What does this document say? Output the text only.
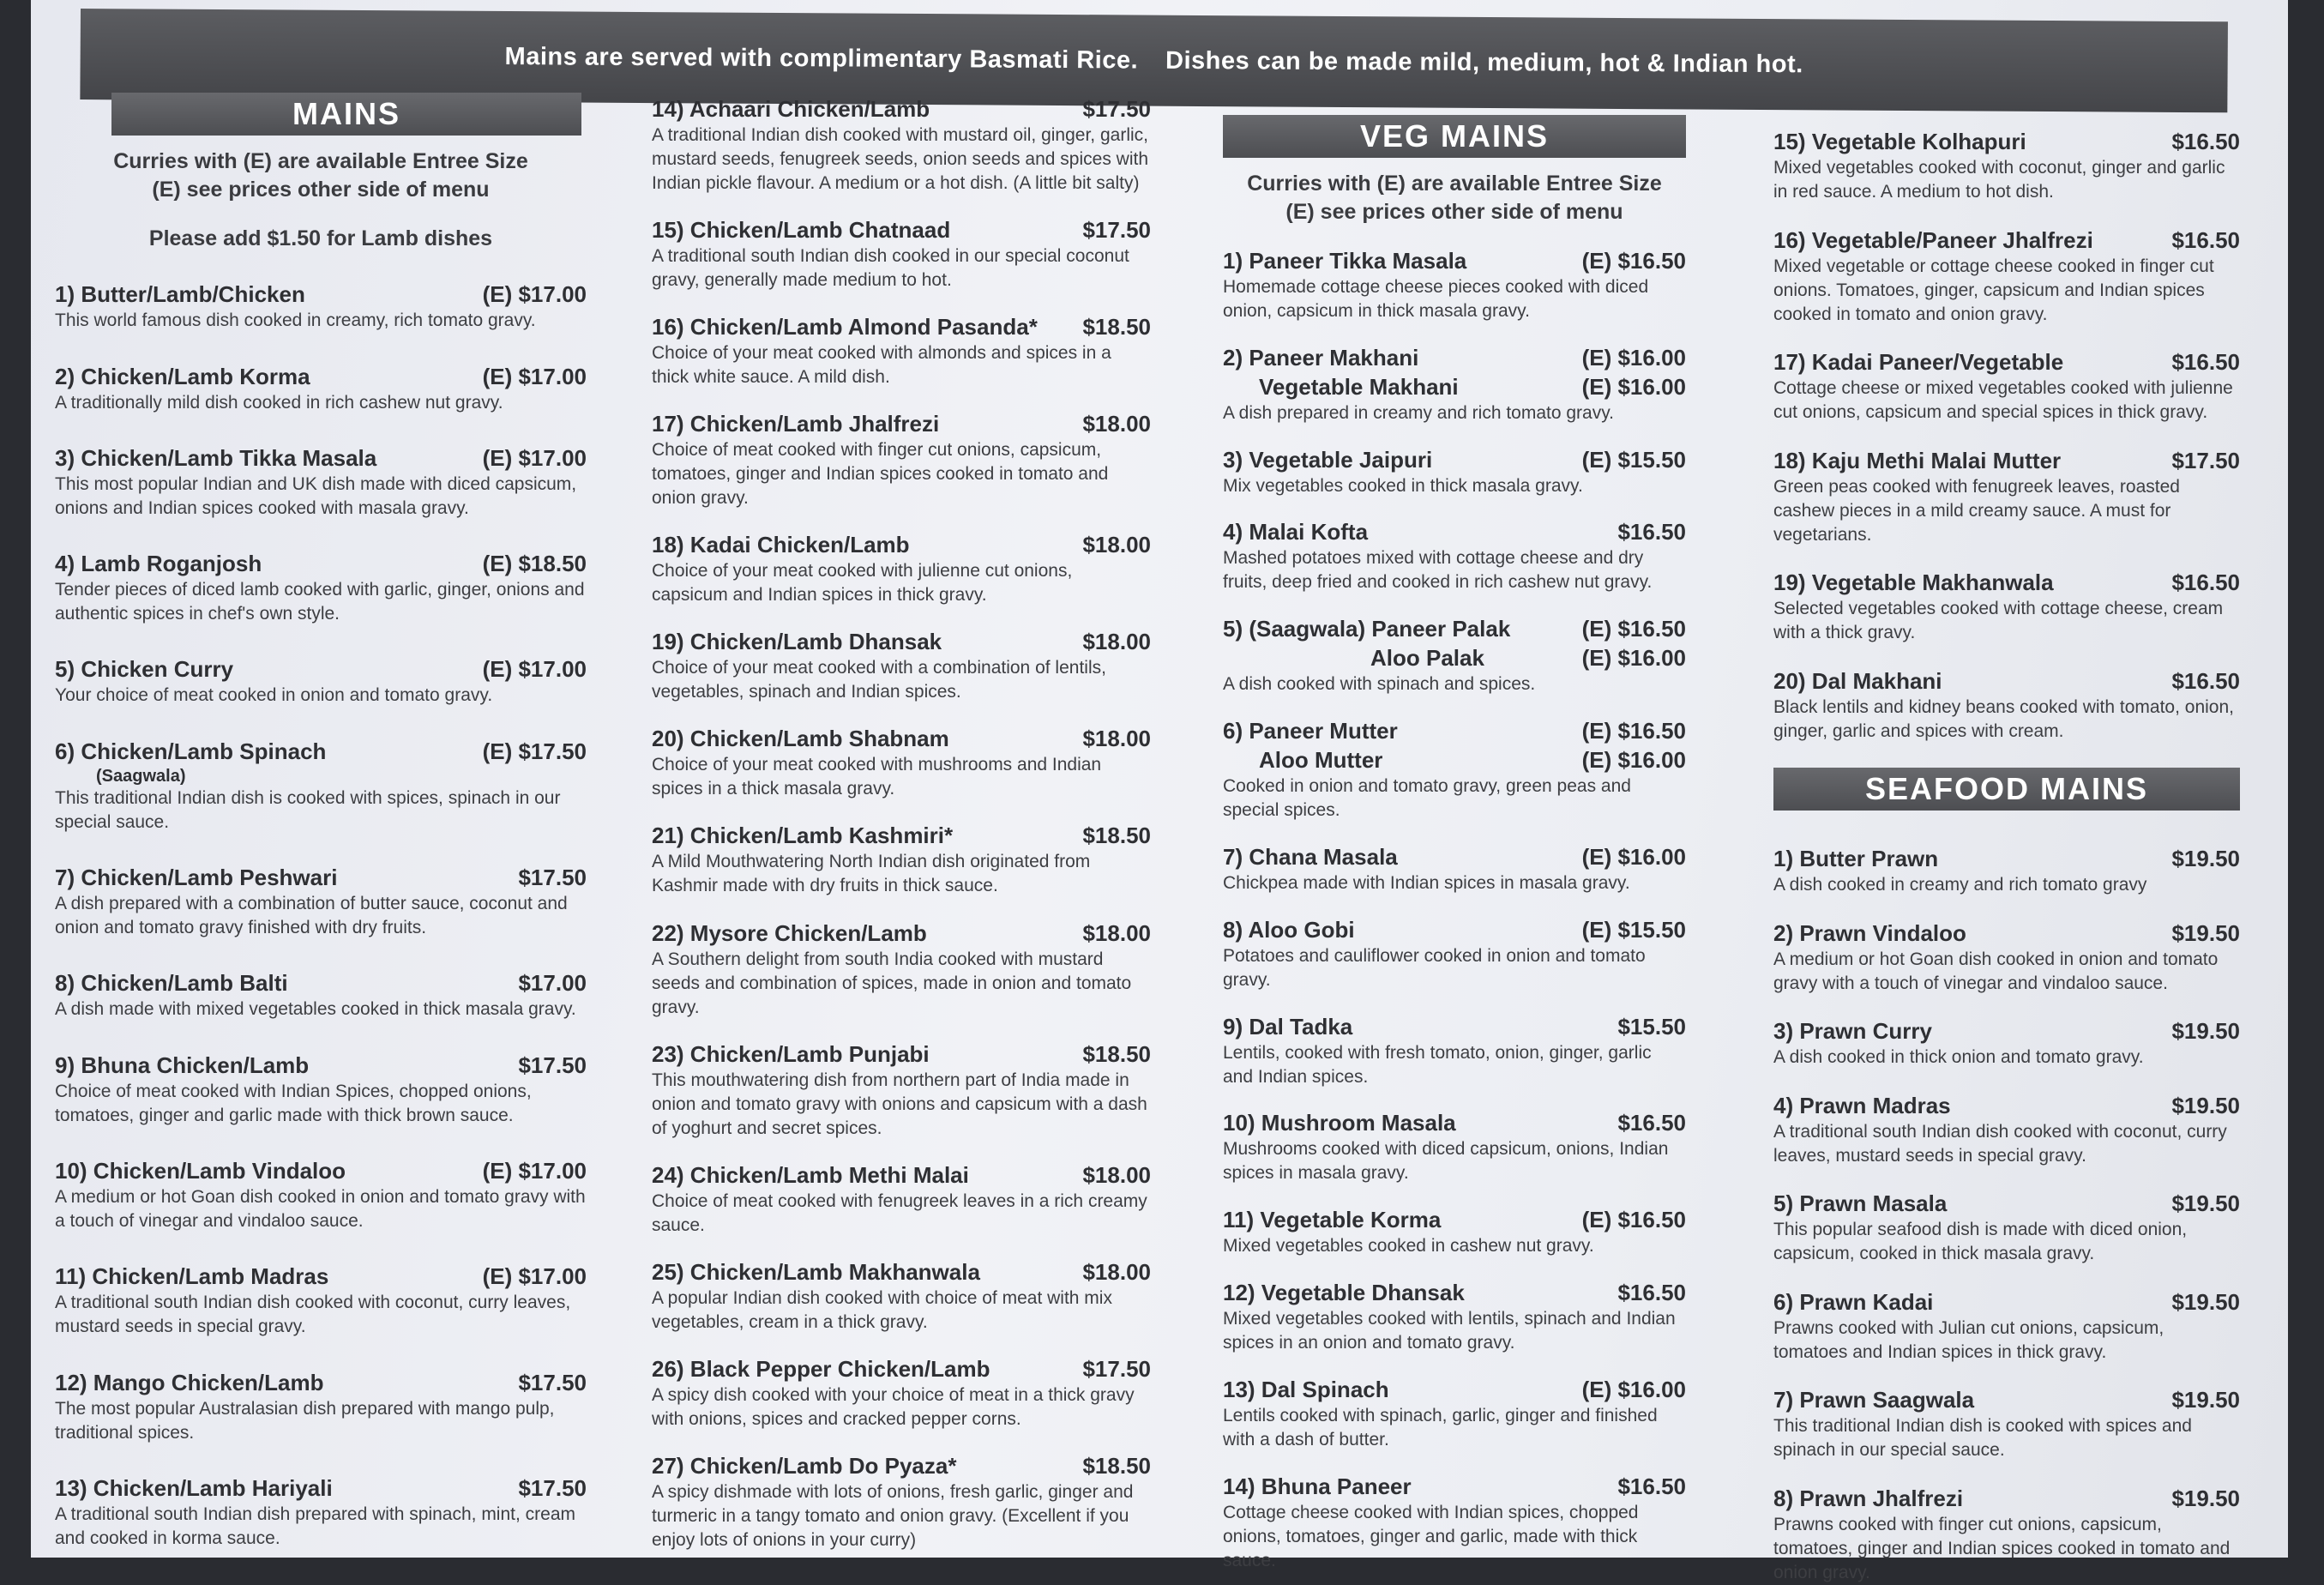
Mains are served with complimentary Basmati Rice. Dishes can be made mild, medium, hot & Indian hot.
MAINS
Curries with (E) are available Entree Size
(E) see prices other side of menu
Please add $1.50 for Lamb dishes
1) Butter/Lamb/Chicken	(E) $17.00
This world famous dish cooked in creamy, rich tomato gravy.
2) Chicken/Lamb Korma	(E) $17.00
A traditionally mild dish cooked in rich cashew nut gravy.
3) Chicken/Lamb Tikka Masala	(E) $17.00
This most popular Indian and UK dish made with diced capsicum, onions and Indian spices cooked with masala gravy.
4) Lamb Roganjosh	(E) $18.50
Tender pieces of diced lamb cooked with garlic, ginger, onions and authentic spices in chef's own style.
5) Chicken Curry	(E) $17.00
Your choice of meat cooked in onion and tomato gravy.
6) Chicken/Lamb Spinach	(E) $17.50
(Saagwala)
This traditional Indian dish is cooked with spices, spinach in our special sauce.
7) Chicken/Lamb Peshwari	$17.50
A dish prepared with a combination of butter sauce, coconut and onion and tomato gravy finished with dry fruits.
8) Chicken/Lamb Balti	$17.00
A dish made with mixed vegetables cooked in thick masala gravy.
9) Bhuna Chicken/Lamb	$17.50
Choice of meat cooked with Indian Spices, chopped onions, tomatoes, ginger and garlic made with thick brown sauce.
10) Chicken/Lamb Vindaloo	(E) $17.00
A medium or hot Goan dish cooked in onion and tomato gravy with a touch of vinegar and vindaloo sauce.
11) Chicken/Lamb Madras	(E) $17.00
A traditional south Indian dish cooked with coconut, curry leaves, mustard seeds in special gravy.
12) Mango Chicken/Lamb	$17.50
The most popular Australasian dish prepared with mango pulp, traditional spices.
13) Chicken/Lamb Hariyali	$17.50
A traditional south Indian dish prepared with spinach, mint, cream and cooked in korma sauce.
14) Achaari Chicken/Lamb	$17.50
A traditional Indian dish cooked with mustard oil, ginger, garlic, mustard seeds, fenugreek seeds, onion seeds and spices with Indian pickle flavour. A medium or a hot dish. (A little bit salty)
15) Chicken/Lamb Chatnaad	$17.50
A traditional south Indian dish cooked in our special coconut gravy, generally made medium to hot.
16) Chicken/Lamb Almond Pasanda* $18.50
Choice of your meat cooked with almonds and spices in a thick white sauce. A mild dish.
17) Chicken/Lamb Jhalfrezi	$18.00
Choice of meat cooked with finger cut onions, capsicum, tomatoes, ginger and Indian spices cooked in tomato and onion gravy.
18) Kadai Chicken/Lamb	$18.00
Choice of your meat cooked with julienne cut onions, capsicum and Indian spices in thick gravy.
19) Chicken/Lamb Dhansak	$18.00
Choice of your meat cooked with a combination of lentils, vegetables, spinach and Indian spices.
20) Chicken/Lamb Shabnam	$18.00
Choice of your meat cooked with mushrooms and Indian spices in a thick masala gravy.
21) Chicken/Lamb Kashmiri*	$18.50
A Mild Mouthwatering North Indian dish originated from Kashmir made with dry fruits in thick sauce.
22) Mysore Chicken/Lamb	$18.00
A Southern delight from south India cooked with mustard seeds and combination of spices, made in onion and tomato gravy.
23) Chicken/Lamb Punjabi	$18.50
This mouthwatering dish from northern part of India made in onion and tomato gravy with onions and capsicum with a dash of yoghurt and secret spices.
24) Chicken/Lamb Methi Malai	$18.00
Choice of meat cooked with fenugreek leaves in a rich creamy sauce.
25) Chicken/Lamb Makhanwala	$18.00
A popular Indian dish cooked with choice of meat with mix vegetables, cream in a thick gravy.
26) Black Pepper Chicken/Lamb	$17.50
A spicy dish cooked with your choice of meat in a thick gravy with onions, spices and cracked pepper corns.
27) Chicken/Lamb Do Pyaza*	$18.50
A spicy dishmade with lots of onions, fresh garlic, ginger and turmeric in a tangy tomato and onion gravy. (Excellent if you enjoy lots of onions in your curry)
VEG MAINS
Curries with (E) are available Entree Size
(E) see prices other side of menu
1) Paneer Tikka Masala	(E) $16.50
Homemade cottage cheese pieces cooked with diced onion, capsicum in thick masala gravy.
2) Paneer Makhani	(E) $16.00
Vegetable Makhani	(E) $16.00
A dish prepared in creamy and rich tomato gravy.
3) Vegetable Jaipuri	(E) $15.50
Mix vegetables cooked in thick masala gravy.
4) Malai Kofta	$16.50
Mashed potatoes mixed with cottage cheese and dry fruits, deep fried and cooked in rich cashew nut gravy.
5) (Saagwala) Paneer Palak	(E) $16.50
Aloo Palak	(E) $16.00
A dish cooked with spinach and spices.
6) Paneer Mutter	(E) $16.50
Aloo Mutter	(E) $16.00
Cooked in onion and tomato gravy, green peas and special spices.
7) Chana Masala	(E) $16.00
Chickpea made with Indian spices in masala gravy.
8) Aloo Gobi	(E) $15.50
Potatoes and cauliflower cooked in onion and tomato gravy.
9) Dal Tadka	$15.50
Lentils, cooked with fresh tomato, onion, ginger, garlic and Indian spices.
10) Mushroom Masala	$16.50
Mushrooms cooked with diced capsicum, onions, Indian spices in masala gravy.
11) Vegetable Korma	(E) $16.50
Mixed vegetables cooked in cashew nut gravy.
12) Vegetable Dhansak	$16.50
Mixed vegetables cooked with lentils, spinach and Indian spices in an onion and tomato gravy.
13) Dal Spinach	(E) $16.00
Lentils cooked with spinach, garlic, ginger and finished with a dash of butter.
14) Bhuna Paneer	$16.50
Cottage cheese cooked with Indian spices, chopped onions, tomatoes, ginger and garlic, made with thick sauce.
15) Vegetable Kolhapuri	$16.50
Mixed vegetables cooked with coconut, ginger and garlic in red sauce. A medium to hot dish.
16) Vegetable/Paneer Jhalfrezi	$16.50
Mixed vegetable or cottage cheese cooked in finger cut onions. Tomatoes, ginger, capsicum and Indian spices cooked in tomato and onion gravy.
17) Kadai Paneer/Vegetable	$16.50
Cottage cheese or mixed vegetables cooked with julienne cut onions, capsicum and special spices in thick gravy.
18) Kaju Methi Malai Mutter	$17.50
Green peas cooked with fenugreek leaves, roasted cashew pieces in a mild creamy sauce. A must for vegetarians.
19) Vegetable Makhanwala	$16.50
Selected vegetables cooked with cottage cheese, cream with a thick gravy.
20) Dal Makhani	$16.50
Black lentils and kidney beans cooked with tomato, onion, ginger, garlic and spices with cream.
SEAFOOD MAINS
1) Butter Prawn	$19.50
A dish cooked in creamy and rich tomato gravy
2) Prawn Vindaloo	$19.50
A medium or hot Goan dish cooked in onion and tomato gravy with a touch of vinegar and vindaloo sauce.
3) Prawn Curry	$19.50
A dish cooked in thick onion and tomato gravy.
4) Prawn Madras	$19.50
A traditional south Indian dish cooked with coconut, curry leaves, mustard seeds in special gravy.
5) Prawn Masala	$19.50
This popular seafood dish is made with diced onion, capsicum, cooked in thick masala gravy.
6) Prawn Kadai	$19.50
Prawns cooked with Julian cut onions, capsicum, tomatoes and Indian spices in thick gravy.
7) Prawn Saagwala	$19.50
This traditional Indian dish is cooked with spices and spinach in our special sauce.
8) Prawn Jhalfrezi	$19.50
Prawns cooked with finger cut onions, capsicum, tomatoes, ginger and Indian spices cooked in tomato and onion gravy.
